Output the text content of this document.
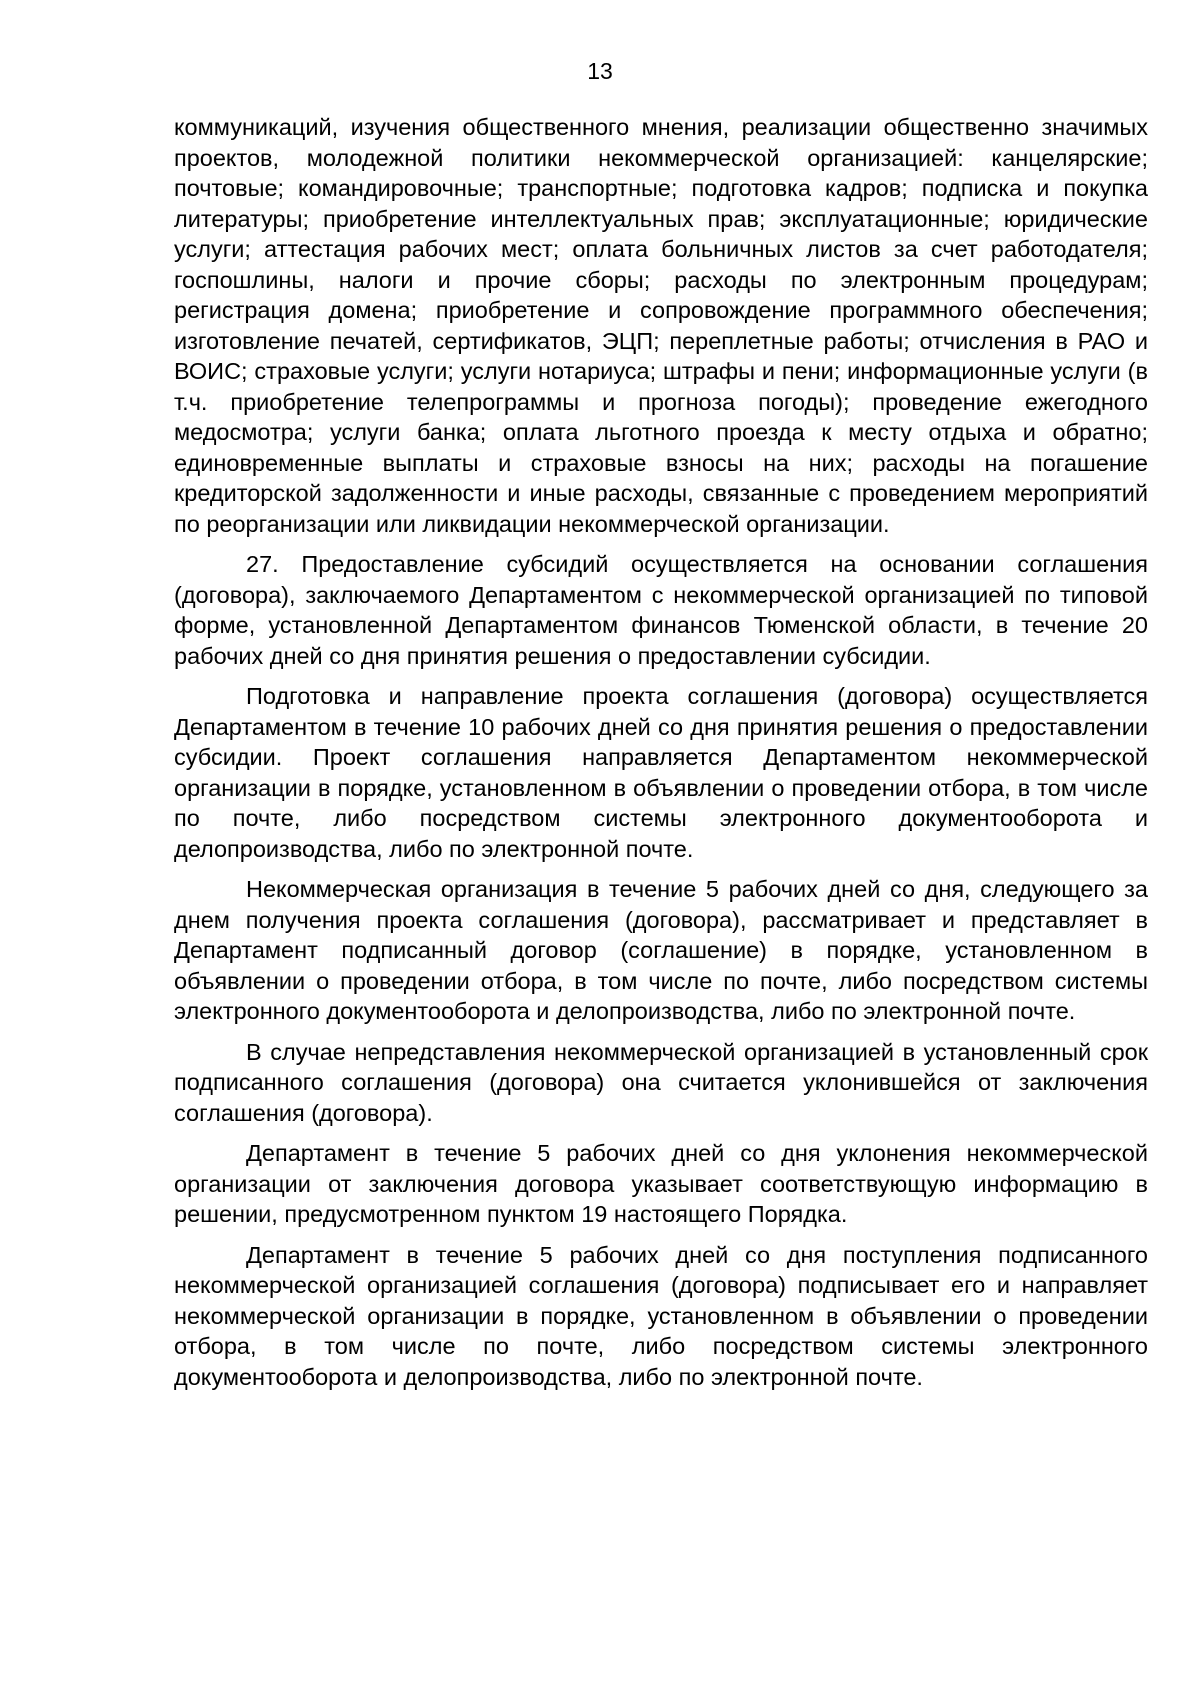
13

коммуникаций, изучения общественного мнения, реализации общественно значимых проектов, молодежной политики некоммерческой организацией: канцелярские; почтовые; командировочные; транспортные; подготовка кадров; подписка и покупка литературы; приобретение интеллектуальных прав; эксплуатационные; юридические услуги; аттестация рабочих мест; оплата больничных листов за счет работодателя; госпошлины, налоги и прочие сборы; расходы по электронным процедурам; регистрация домена; приобретение и сопровождение программного обеспечения; изготовление печатей, сертификатов, ЭЦП; переплетные работы; отчисления в РАО и ВОИС; страховые услуги; услуги нотариуса; штрафы и пени; информационные услуги (в т.ч. приобретение телепрограммы и прогноза погоды); проведение ежегодного медосмотра; услуги банка; оплата льготного проезда к месту отдыха и обратно; единовременные выплаты и страховые взносы на них; расходы на погашение кредиторской задолженности и иные расходы, связанные с проведением мероприятий по реорганизации или ликвидации некоммерческой организации.

27. Предоставление субсидий осуществляется на основании соглашения (договора), заключаемого Департаментом с некоммерческой организацией по типовой форме, установленной Департаментом финансов Тюменской области, в течение 20 рабочих дней со дня принятия решения о предоставлении субсидии.

Подготовка и направление проекта соглашения (договора) осуществляется Департаментом в течение 10 рабочих дней со дня принятия решения о предоставлении субсидии. Проект соглашения направляется Департаментом некоммерческой организации в порядке, установленном в объявлении о проведении отбора, в том числе по почте, либо посредством системы электронного документооборота и делопроизводства, либо по электронной почте.

Некоммерческая организация в течение 5 рабочих дней со дня, следующего за днем получения проекта соглашения (договора), рассматривает и представляет в Департамент подписанный договор (соглашение) в порядке, установленном в объявлении о проведении отбора, в том числе по почте, либо посредством системы электронного документооборота и делопроизводства, либо по электронной почте.

В случае непредставления некоммерческой организацией в установленный срок подписанного соглашения (договора) она считается уклонившейся от заключения соглашения (договора).

Департамент в течение 5 рабочих дней со дня уклонения некоммерческой организации от заключения договора указывает соответствующую информацию в решении, предусмотренном пунктом 19 настоящего Порядка.

Департамент в течение 5 рабочих дней со дня поступления подписанного некоммерческой организацией соглашения (договора) подписывает его и направляет некоммерческой организации в порядке, установленном в объявлении о проведении отбора, в том числе по почте, либо посредством системы электронного документооборота и делопроизводства, либо по электронной почте.
